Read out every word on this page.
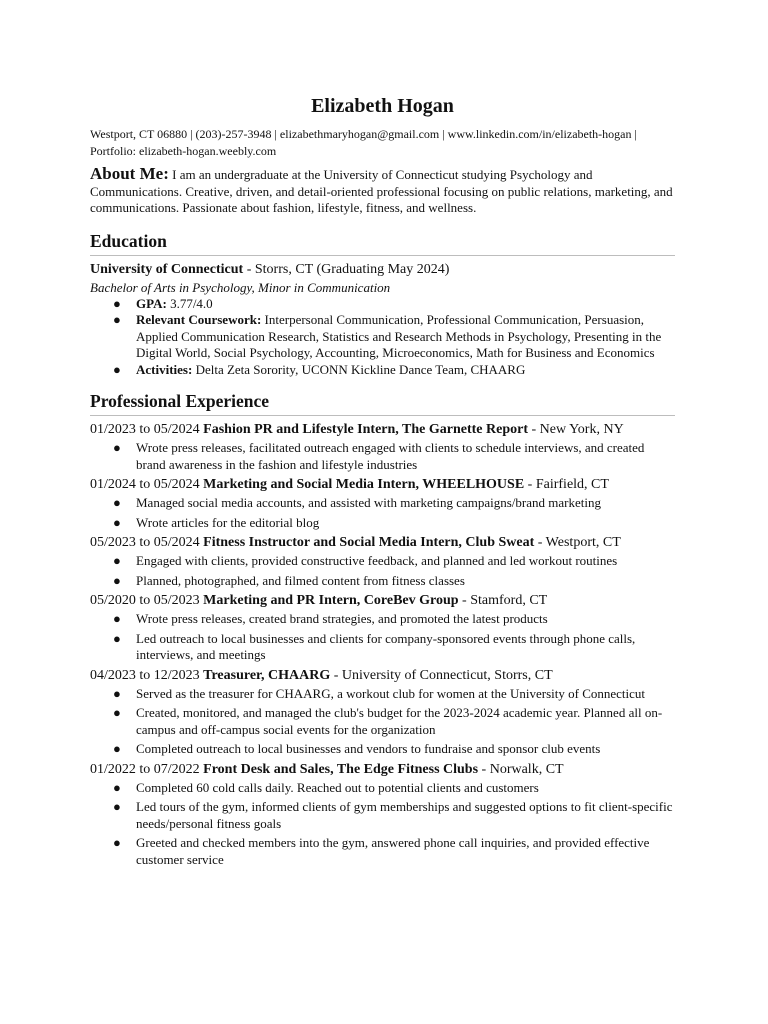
Elizabeth Hogan
Westport, CT 06880 | (203)-257-3948 | elizabethmaryhogan@gmail.com | www.linkedin.com/in/elizabeth-hogan |
Portfolio: elizabeth-hogan.weebly.com
About Me: I am an undergraduate at the University of Connecticut studying Psychology and Communications. Creative, driven, and detail-oriented professional focusing on public relations, marketing, and communications. Passionate about fashion, lifestyle, fitness, and wellness.
Education
University of Connecticut - Storrs, CT (Graduating May 2024)
Bachelor of Arts in Psychology, Minor in Communication
● GPA: 3.77/4.0
● Relevant Coursework: Interpersonal Communication, Professional Communication, Persuasion, Applied Communication Research, Statistics and Research Methods in Psychology, Presenting in the Digital World, Social Psychology, Accounting, Microeconomics, Math for Business and Economics
● Activities: Delta Zeta Sorority, UCONN Kickline Dance Team, CHAARG
Professional Experience
01/2023 to 05/2024 Fashion PR and Lifestyle Intern, The Garnette Report - New York, NY
● Wrote press releases, facilitated outreach engaged with clients to schedule interviews, and created brand awareness in the fashion and lifestyle industries
01/2024 to 05/2024 Marketing and Social Media Intern, WHEELHOUSE - Fairfield, CT
● Managed social media accounts, and assisted with marketing campaigns/brand marketing
● Wrote articles for the editorial blog
05/2023 to 05/2024 Fitness Instructor and Social Media Intern, Club Sweat - Westport, CT
● Engaged with clients, provided constructive feedback, and planned and led workout routines
● Planned, photographed, and filmed content from fitness classes
05/2020 to 05/2023 Marketing and PR Intern, CoreBev Group - Stamford, CT
● Wrote press releases, created brand strategies, and promoted the latest products
● Led outreach to local businesses and clients for company-sponsored events through phone calls, interviews, and meetings
04/2023 to 12/2023 Treasurer, CHAARG - University of Connecticut, Storrs, CT
● Served as the treasurer for CHAARG, a workout club for women at the University of Connecticut
● Created, monitored, and managed the club's budget for the 2023-2024 academic year. Planned all on-campus and off-campus social events for the organization
● Completed outreach to local businesses and vendors to fundraise and sponsor club events
01/2022 to 07/2022 Front Desk and Sales, The Edge Fitness Clubs - Norwalk, CT
● Completed 60 cold calls daily. Reached out to potential clients and customers
● Led tours of the gym, informed clients of gym memberships and suggested options to fit client-specific needs/personal fitness goals
● Greeted and checked members into the gym, answered phone call inquiries, and provided effective customer service
